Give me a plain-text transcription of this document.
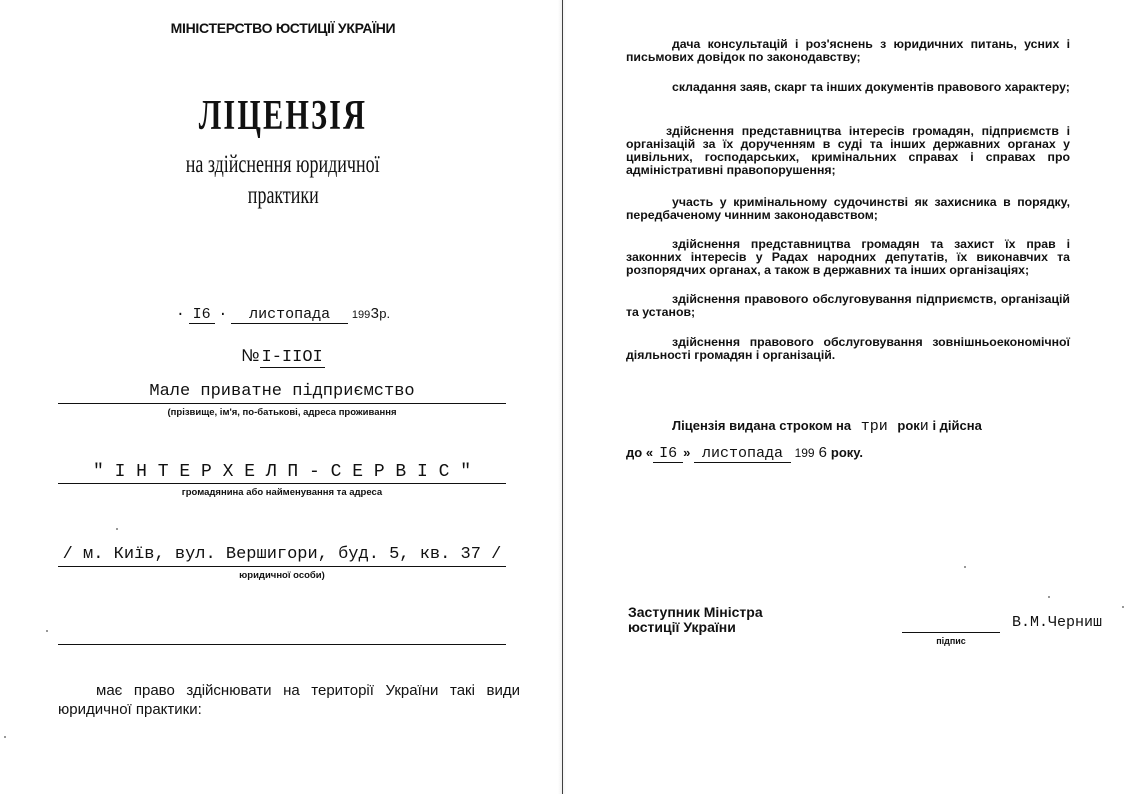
МІНІСТЕРСТВО ЮСТИЦІЇ УКРАЇНИ
ЛІЦЕНЗІЯ
на здійснення юридичної
практики
· І6 · листопада 1993р.
№ І-ІІОІ
Мале приватне підприємство
(прізвище, ім'я, по-батькові, адреса проживання
" І Н Т Е Р Х Е Л П - С Е Р В І С "
громадянина або найменування та адреса
/ м. Київ, вул. Вершигори, буд. 5, кв. 37 /
юридичної особи)

має право здійснювати на території України такі види юридичної практики:

дача консультацій і роз'яснень з юридичних питань, усних і письмових довідок по законодавству;

складання заяв, скарг та інших документів правового характеру;

здійснення представництва інтересів громадян, підприємств і організацій за їх дорученням в суді та інших державних органах у цивільних, господарських, кримінальних справах і справах про адміністративні правопорушення;

участь у кримінальному судочинстві як захисника в порядку, передбаченому чинним законодавством;

здійснення представництва громадян та захист їх прав і законних інтересів у Радах народних депутатів, їх виконавчих та розпорядчих органах, а також в державних та інших організаціях;

здійснення правового обслуговування підприємств, організацій та установ;

здійснення правового обслуговування зовнішньоекономічної діяльності громадян і організацій.

Ліцензія видана строком на три роки і дійсна
до « І6 » листопада 199 6 року.
Заступник Міністра
юстиції України
підпис
В.М.Черниш
